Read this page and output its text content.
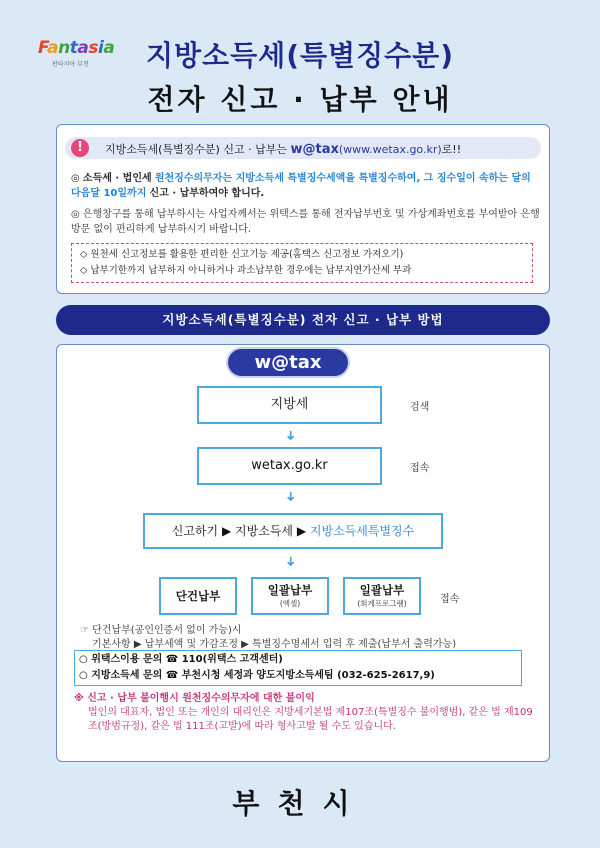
Fantasia
판타지아 부천	지방소득세(특별징수분)
전자 신고 · 납부 안내
!	지방소득세(특별징수분) 신고 · 납부는 w@tax(www.wetax.go.kr)로!!
◎ 소득세 · 법인세 원천징수의무자는 지방소득세 특별징수세액을 특별징수하여, 그 징수일이 속하는 달의 다음달 10일까지 신고 · 납부하여야 합니다.
◎ 은행창구를 통해 납부하시는 사업자께서는 위택스를 통해 전자납부번호 및 가상계좌번호를 부여받아 은행방문 없이 편리하게 납부하시기 바랍니다.
◇ 원천세 신고정보를 활용한 편리한 신고기능 제공(홈택스 신고정보 가져오기)
◇ 납부기한까지 납부하지 아니하거나 과소납부한 경우에는 납부지연가산세 부과
지방소득세(특별징수분) 전자 신고 · 납부 방법
w@tax
지방세	검색
➜
wetax.go.kr	접속
➜
신고하기 ▶ 지방소득세 ▶ 지방소득세특별징수
➜
단건납부	일괄납부
(엑셀)
일괄납부
(회계프로그램)	접속
☞ 단건납부(공인인증서 없이 가능)시
기본사항 ▶ 납부세액 및 가감조정 ▶ 특별징수명세서 입력 후 제출(납부서 출력가능)
○ 위택스이용 문의 ☎ 110(위택스 고객센터)
○ 지방소득세 문의 ☎ 부천시청 세정과 양도지방소득세팀 (032-625-2617,9)
※ 신고 · 납부 불이행시 원천징수의무자에 대한 불이익
법인의 대표자, 법인 또는 개인의 대리인은 지방세기본법 제107조(특별징수 불이행범), 같은 법 제109조(방범규정), 같은 법 111조(고발)에 따라 형사고발 될 수도 있습니다.
부천시
